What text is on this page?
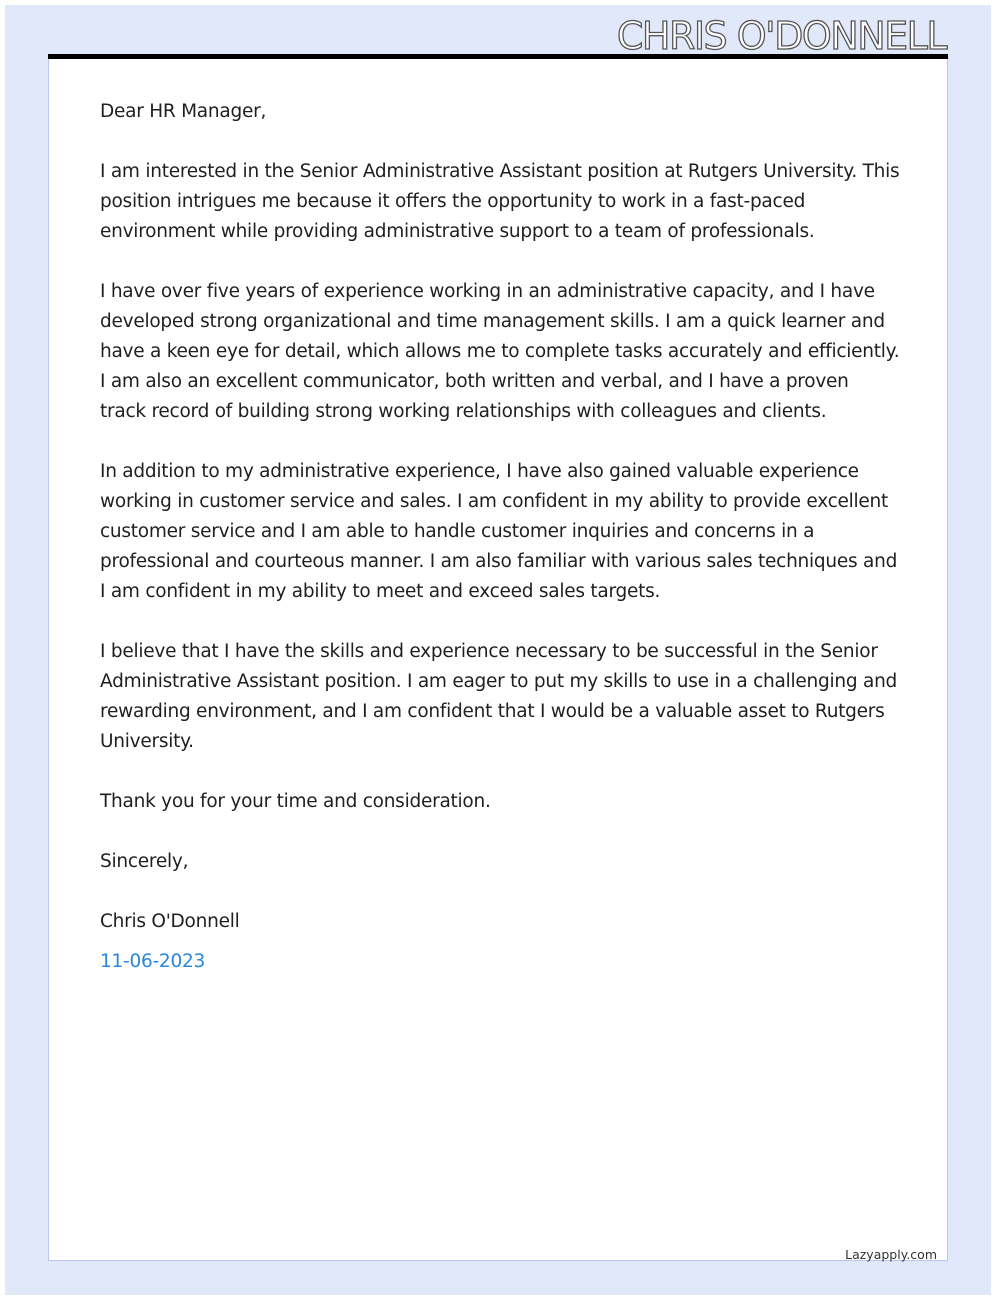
CHRIS O'DONNELL

Dear HR Manager,

I am interested in the Senior Administrative Assistant position at Rutgers University. This position intrigues me because it offers the opportunity to work in a fast-paced environment while providing administrative support to a team of professionals.

I have over five years of experience working in an administrative capacity, and I have developed strong organizational and time management skills. I am a quick learner and have a keen eye for detail, which allows me to complete tasks accurately and efficiently. I am also an excellent communicator, both written and verbal, and I have a proven track record of building strong working relationships with colleagues and clients.

In addition to my administrative experience, I have also gained valuable experience working in customer service and sales. I am confident in my ability to provide excellent customer service and I am able to handle customer inquiries and concerns in a professional and courteous manner. I am also familiar with various sales techniques and I am confident in my ability to meet and exceed sales targets.

I believe that I have the skills and experience necessary to be successful in the Senior Administrative Assistant position. I am eager to put my skills to use in a challenging and rewarding environment, and I am confident that I would be a valuable asset to Rutgers University.

Thank you for your time and consideration.

Sincerely,

Chris O'Donnell

11-06-2023

Lazyapply.com
